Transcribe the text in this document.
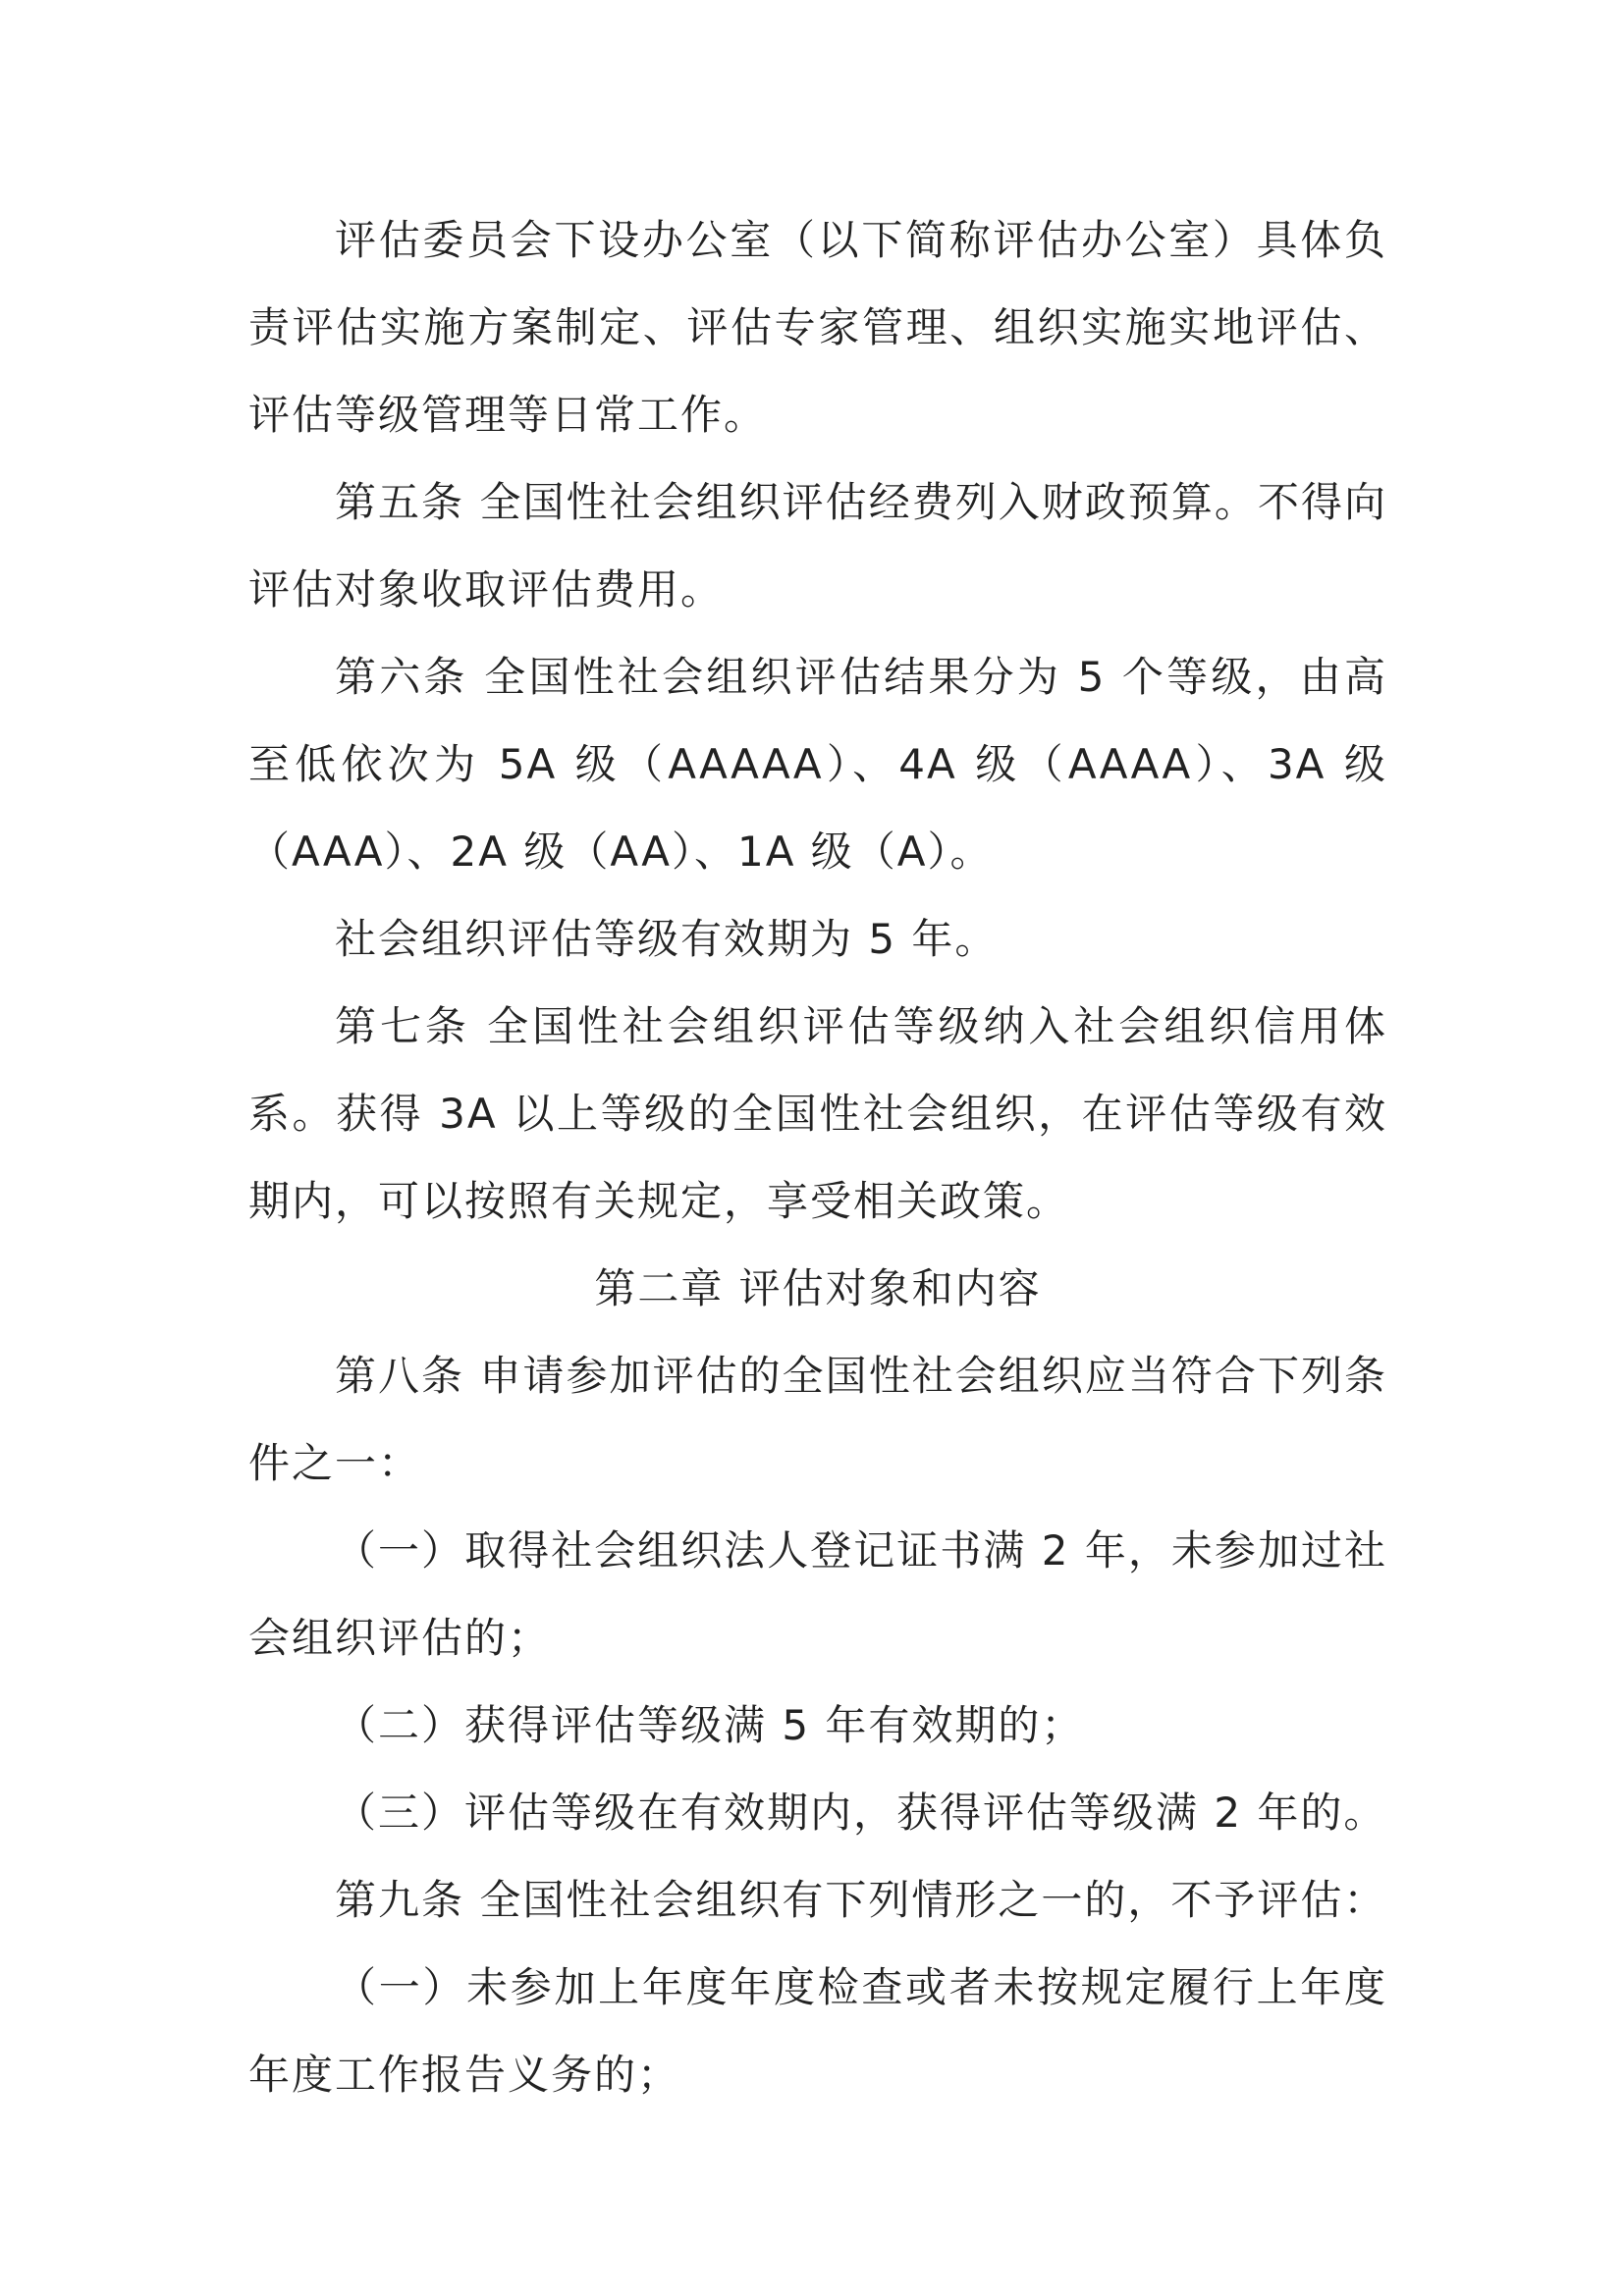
评估委员会下设办公室（以下简称评估办公室）具体负责评估实施方案制定、评估专家管理、组织实施实地评估、评估等级管理等日常工作。

第五条 全国性社会组织评估经费列入财政预算。不得向评估对象收取评估费用。

第六条 全国性社会组织评估结果分为 5 个等级，由高至低依次为 5A 级（AAAAA）、4A 级（AAAA）、3A 级（AAA）、2A 级（AA）、1A 级（A）。

社会组织评估等级有效期为 5 年。

第七条 全国性社会组织评估等级纳入社会组织信用体系。获得 3A 以上等级的全国性社会组织，在评估等级有效期内，可以按照有关规定，享受相关政策。

第二章 评估对象和内容

第八条 申请参加评估的全国性社会组织应当符合下列条件之一：

（一）取得社会组织法人登记证书满 2 年，未参加过社会组织评估的；

（二）获得评估等级满 5 年有效期的；

（三）评估等级在有效期内，获得评估等级满 2 年的。

第九条 全国性社会组织有下列情形之一的，不予评估：

（一）未参加上年度年度检查或者未按规定履行上年度年度工作报告义务的；
